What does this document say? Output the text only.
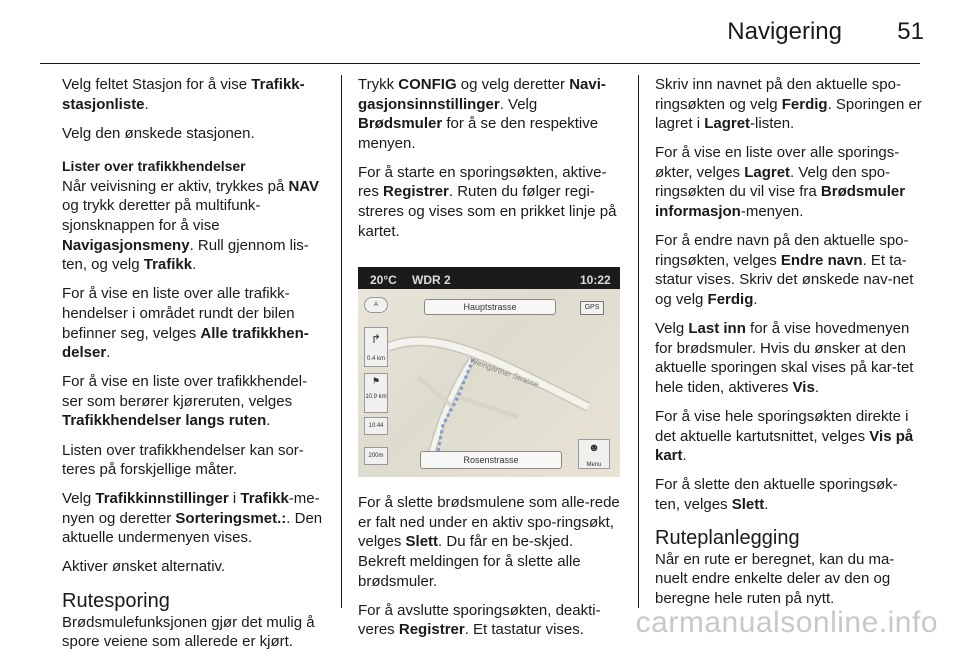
Navigering	51

Velg feltet Stasjon for å vise Trafikk-stasjonliste.

Velg den ønskede stasjonen.

Lister over trafikkhendelser
Når veivisning er aktiv, trykkes på NAV og trykk deretter på multifunk-sjonsknappen for å vise Navigasjonsmeny. Rull gjennom lis-ten, og velg Trafikk.

For å vise en liste over alle trafikk-hendelser i området rundt der bilen befinner seg, velges Alle trafikkhen-delser.

For å vise en liste over trafikkhendel-ser som berører kjøreruten, velges Trafikkhendelser langs ruten.

Listen over trafikkhendelser kan sor-teres på forskjellige måter.

Velg Trafikkinnstillinger i Trafikk-me-nyen og deretter Sorteringsmet.:. Den aktuelle undermenyen vises.

Aktiver ønsket alternativ.

Rutesporing

Brødsmulefunksjonen gjør det mulig å spore veiene som allerede er kjørt.

Trykk CONFIG og velg deretter Navi-gasjonsinnstillinger. Velg Brødsmuler for å se den respektive menyen.

For å starte en sporingsøkten, aktive-res Registrer. Ruten du følger regi-streres og vises som en prikket linje på kartet.

20°C WDR 2	10:22
Hauptstrasse	GPS
Weingärtner Strasse
A
↱
0.4 km
⚑
10.9 km
10:44
200m	Rosenstrasse
☻
Menu

For å slette brødsmulene som alle-rede er falt ned under en aktiv spo-ringsøkt, velges Slett. Du får en be-skjed. Bekreft meldingen for å slette alle brødsmuler.

For å avslutte sporingsøkten, deakti-veres Registrer. Et tastatur vises.

Skriv inn navnet på den aktuelle spo-ringsøkten og velg Ferdig. Sporingen er lagret i Lagret-listen.

For å vise en liste over alle sporings-økter, velges Lagret. Velg den spo-ringsøkten du vil vise fra Brødsmuler informasjon-menyen.

For å endre navn på den aktuelle spo-ringsøkten, velges Endre navn. Et ta-statur vises. Skriv det ønskede nav-net og velg Ferdig.

Velg Last inn for å vise hovedmenyen for brødsmuler. Hvis du ønsker at den aktuelle sporingen skal vises på kar-tet hele tiden, aktiveres Vis.

For å vise hele sporingsøkten direkte i det aktuelle kartutsnittet, velges Vis på kart.

For å slette den aktuelle sporingsøk-ten, velges Slett.

Ruteplanlegging

Når en rute er beregnet, kan du ma-nuelt endre enkelte deler av den og beregne hele ruten på nytt.

carmanualsonline.info
